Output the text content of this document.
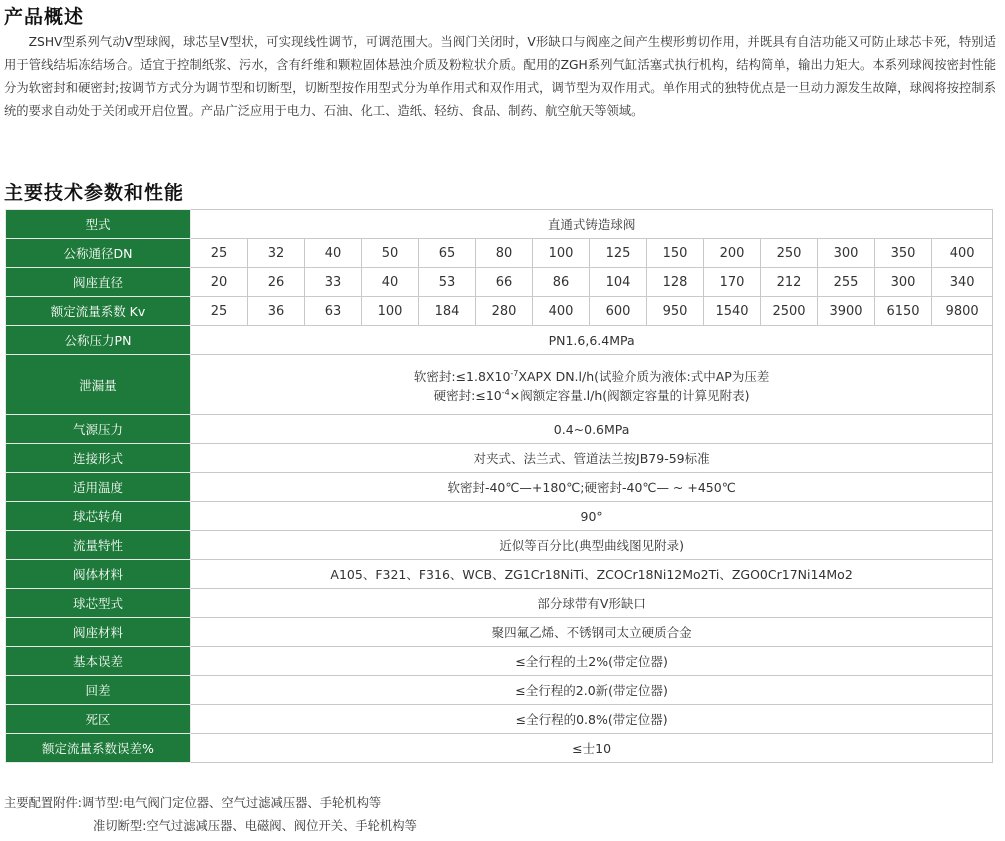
产品概述

ZSHV型系列气动V型球阀，球芯呈V型状，可实现线性调节，可调范围大。当阀门关闭时，V形缺口与阀座之间产生楔形剪切作用，并既具有自洁功能又可防止球芯卡死，特别适用于管线结垢冻结场合。适宜于控制纸浆、污水，含有纤维和颗粒固体悬浊介质及粉粒状介质。配用的ZGH系列气缸活塞式执行机构，结构简单，输出力矩大。本系列球阀按密封性能分为软密封和硬密封;按调节方式分为调节型和切断型，切断型按作用型式分为单作用式和双作用式，调节型为双作用式。单作用式的独特优点是一旦动力源发生故障，球阀将按控制系统的要求自动处于关闭或开启位置。产品广泛应用于电力、石油、化工、造纸、轻纺、食品、制药、航空航天等领域。

主要技术参数和性能
型式	直通式铸造球阀													
公称通径DN	25	32	40	50	65	80	100	125	150	200	250	300	350	400
阀座直径	20	26	33	40	53	66	86	104	128	170	212	255	300	340
额定流量系数 Kv	25	36	63	100	184	280	400	600	950	1540	2500	3900	6150	9800
公称压力PN	PN1.6,6.4MPa													
泄漏量	软密封$:\le 1.8X10^{-7}XAPX$ DN.l/h(试验介质为液体:式中AP为压差
硬密封$:\le 10^{-4}\times$阀额定容量.l/h(阀额定容量的计算见附表)													
气源压力	0.4~0.6MPa													
连接形式	对夹式、法兰式、管道法兰按JB79-59标准													
适用温度	软密封-40℃—+180℃;硬密封-40℃— ~ +450℃													
球芯转角	90°													
流量特性	近似等百分比(典型曲线图见附录)													
阀体材料	A105、F321、F316、WCB、ZG1Cr18NiTi、ZCOCr18Ni12Mo2Ti、ZGO0Cr17Ni14Mo2													
球芯型式	部分球带有V形缺口													
阀座材料	聚四氟乙烯、不锈钢司太立硬质合金													
基本误差	≤全行程的土2%(带定位器)													
回差	≤全行程的2.0新(带定位器)													
死区	≤全行程的0.8%(带定位器)													
额定流量系数误差%	≤士10													

主要配置附件:调节型:电气阀门定位器、空气过滤减压器、手轮机构等

准切断型:空气过滤减压器、电磁阀、阀位开关、手轮机构等
